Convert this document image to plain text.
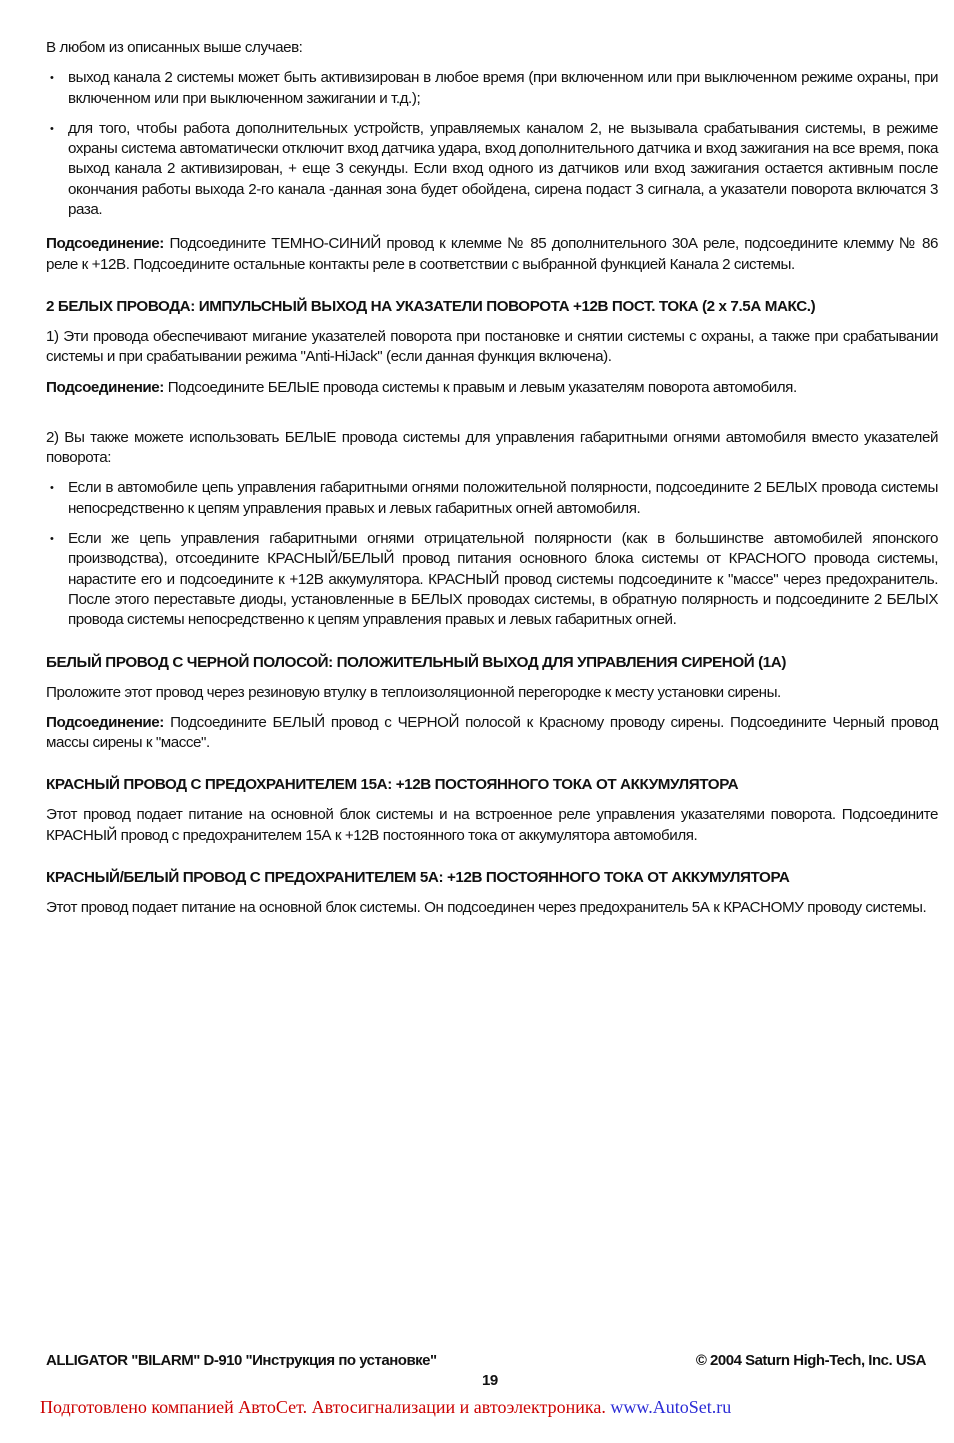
В любом из описанных выше случаев:

• выход канала 2 системы может быть активизирован в любое время (при включенном или при выключенном режиме охраны, при включенном или при выключенном зажигании и т.д.);
• для того, чтобы работа дополнительных устройств, управляемых каналом 2, не вызывала срабатывания системы, в режиме охраны система автоматически отключит вход датчика удара, вход дополнительного датчика и вход зажигания на все время, пока выход канала 2 активизирован, + еще 3 секунды. Если вход одного из датчиков или вход зажигания остается активным после окончания работы выхода 2-го канала -данная зона будет обойдена, сирена подаст 3 сигнала, а указатели поворота включатся 3 раза.

Подсоединение: Подсоедините ТЕМНО-СИНИЙ провод к клемме № 85 дополнительного 30А реле, подсоедините клемму № 86 реле к +12В. Подсоедините остальные контакты реле в соответствии с выбранной функцией Канала 2 системы.

2 БЕЛЫХ ПРОВОДА: ИМПУЛЬСНЫЙ ВЫХОД НА УКАЗАТЕЛИ ПОВОРОТА +12В ПОСТ. ТОКА (2 x 7.5А МАКС.)

1) Эти провода обеспечивают мигание указателей поворота при постановке и снятии системы с охраны, а также при срабатывании системы и при срабатывании режима "Anti-HiJack" (если данная функция включена).

Подсоединение: Подсоедините БЕЛЫЕ провода системы к правым и левым указателям поворота автомобиля.

2) Вы также можете использовать БЕЛЫЕ провода системы для управления габаритными огнями автомобиля вместо указателей поворота:

• Если в автомобиле цепь управления габаритными огнями положительной полярности, подсоедините 2 БЕЛЫХ провода системы непосредственно к цепям управления правых и левых габаритных огней автомобиля.
• Если же цепь управления габаритными огнями отрицательной полярности (как в большинстве автомобилей японского производства), отсоедините КРАСНЫЙ/БЕЛЫЙ провод питания основного блока системы от КРАСНОГО провода системы, нарастите его и подсоедините к +12В аккумулятора. КРАСНЫЙ провод системы подсоедините к "массе" через предохранитель. После этого переставьте диоды, установленные в БЕЛЫХ проводах системы, в обратную полярность и подсоедините 2 БЕЛЫХ провода системы непосредственно к цепям управления правых и левых габаритных огней.
БЕЛЫЙ ПРОВОД С ЧЕРНОЙ ПОЛОСОЙ: ПОЛОЖИТЕЛЬНЫЙ ВЫХОД ДЛЯ УПРАВЛЕНИЯ СИРЕНОЙ (1А)

Проложите этот провод через резиновую втулку в теплоизоляционной перегородке к месту установки сирены.

Подсоединение: Подсоедините БЕЛЫЙ провод с ЧЕРНОЙ полосой к Красному проводу сирены. Подсоедините Черный провод массы сирены к "массе".

КРАСНЫЙ ПРОВОД С ПРЕДОХРАНИТЕЛЕМ 15А: +12В ПОСТОЯННОГО ТОКА ОТ АККУМУЛЯТОРА

Этот провод подает питание на основной блок системы и на встроенное реле управления указателями поворота. Подсоедините КРАСНЫЙ провод с предохранителем 15А к +12В постоянного тока от аккумулятора автомобиля.

КРАСНЫЙ/БЕЛЫЙ ПРОВОД С ПРЕДОХРАНИТЕЛЕМ 5А: +12В ПОСТОЯННОГО ТОКА ОТ АККУМУЛЯТОРА

Этот провод подает питание на основной блок системы. Он подсоединен через предохранитель 5А к КРАСНОМУ проводу системы.

ALLIGATOR "BILARM" D-910 "Инструкция по установке"	© 2004 Saturn High-Tech, Inc. USA
19
Подготовлено компанией АвтоСет. Автосигнализации и автоэлектроника. www.AutoSet.ru
